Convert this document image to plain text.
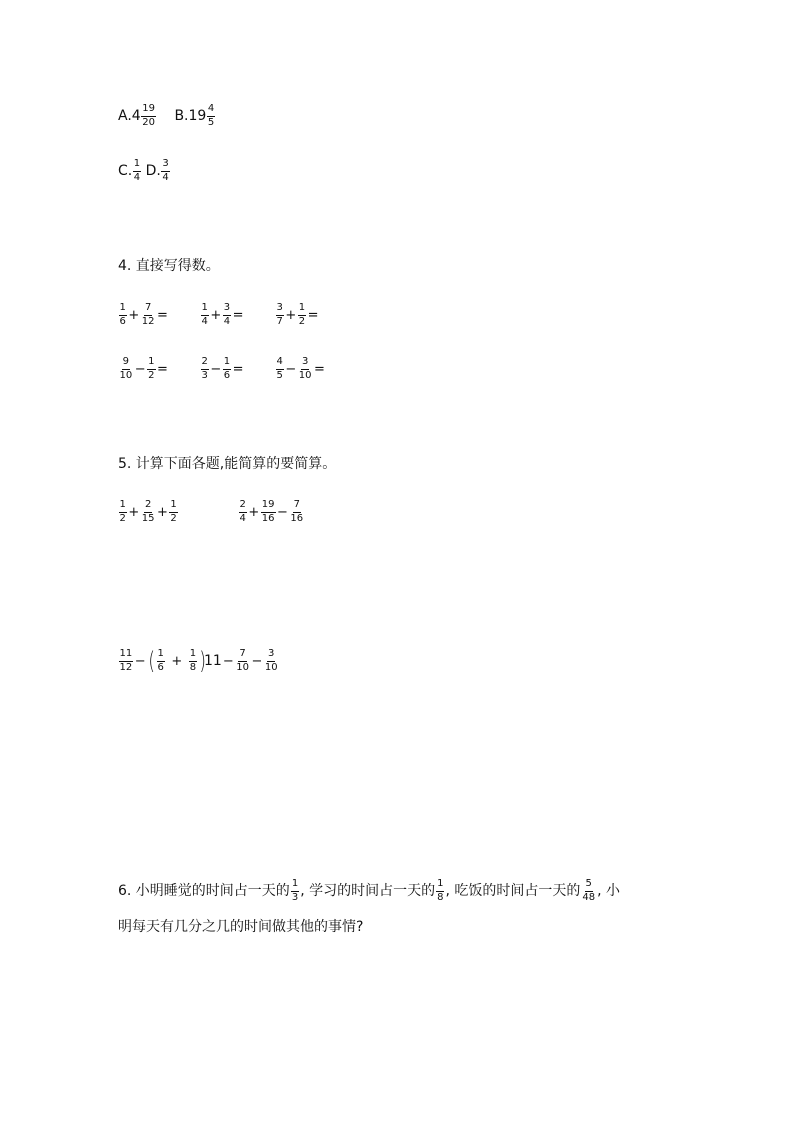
A. $4 \frac{19}{20} B$. $19 \frac{4}{5}$
C. $\frac{1}{4} D$. $\frac{3}{4}$
4. 直接写得数。
$\frac{1}{6} + \frac{7}{12}$ =	$\frac{1}{4} + \frac{3}{4}$ =	$\frac{3}{7} + \frac{1}{2}$ =
$\frac{9}{10} - \frac{1}{2}$ =	$\frac{2}{3} - \frac{1}{6}$ =	$\frac{4}{5} - \frac{3}{10}$ =
5. 计算下面各题,能简算的要简算。
$\frac{1}{2} + \frac{2}{15} + \frac{1}{2}$	$\frac{2}{4} + \frac{19}{16} - \frac{7}{16}$
$\frac{11}{12}$ − ( $\frac{1}{6} + \frac{1}{8}$ )
$11 - \frac{7}{10} - \frac{3}{10}$
6. 小明睡觉的时间占一天的 $\frac{1}{3}$ , 学习的时间占一天的 $\frac{1}{8}$ , 吃饭的时间占一天的 $\frac{5}{48}$ , 小
明每天有几分之几的时间做其他的事情?
